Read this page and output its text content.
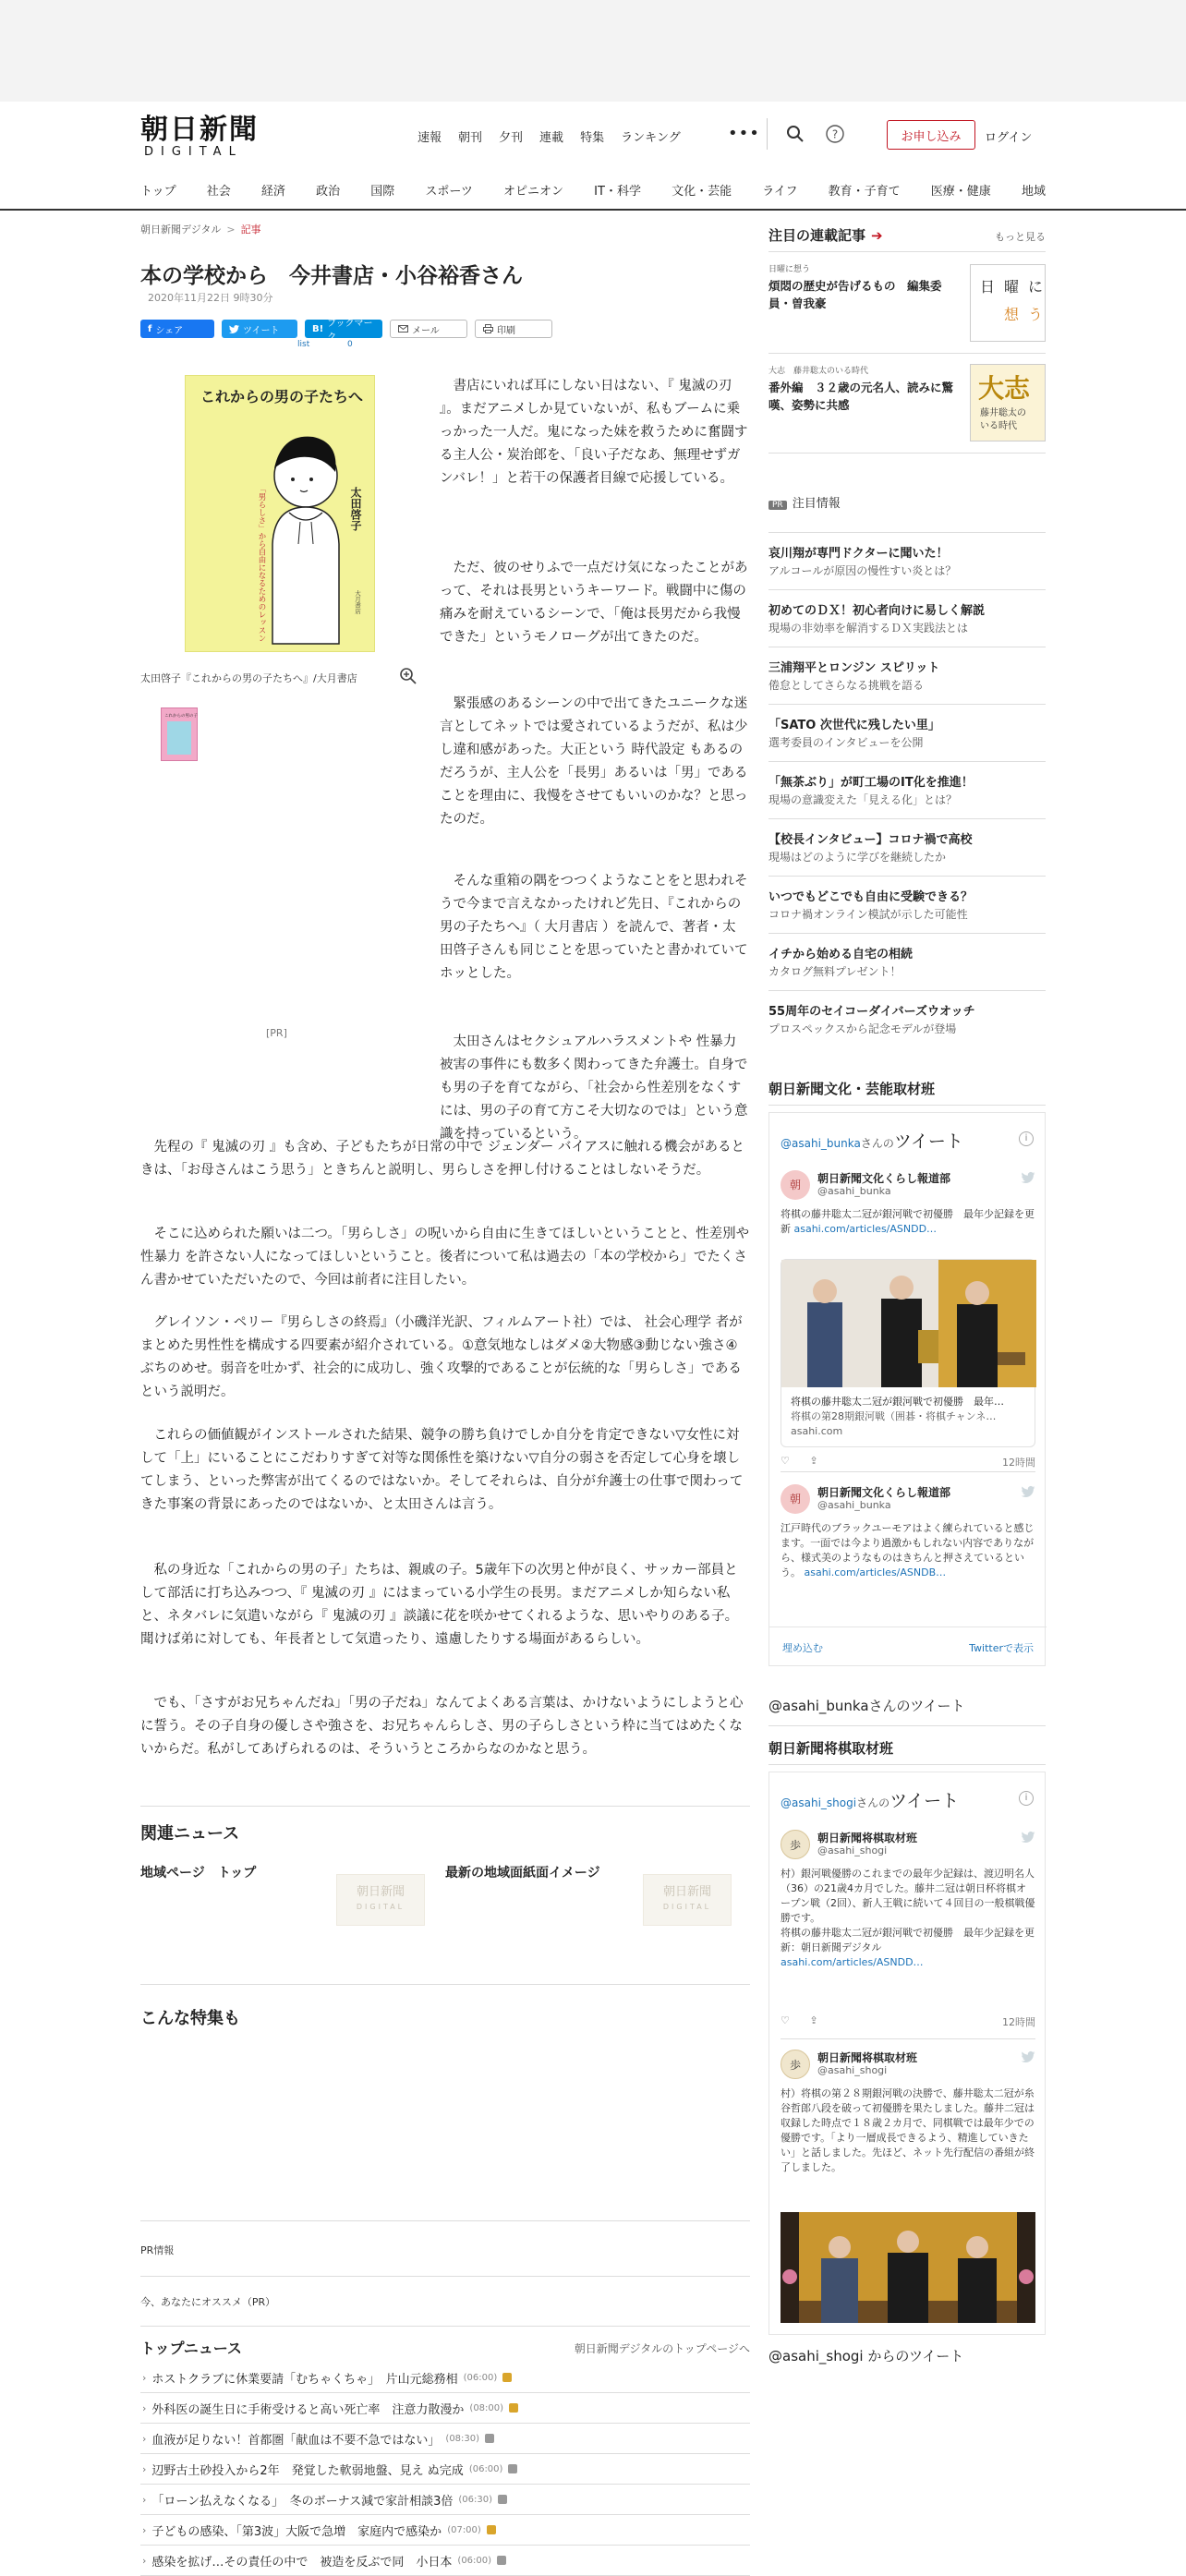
朝日新聞
DIGITAL
速報 朝刊 夕刊 連載 特集 ランキング	•••	?	お申し込み	ログイン
トップ	社会	経済	政治	国際	スポーツ	オピニオン	IT・科学	文化・芸能	ライフ	教育・子育て	医療・健康	地域
朝日新聞デジタル > 記事
本の学校から　今井書店・小谷裕香さん
2020年11月22日 9時30分
f シェア	ツイート	B! ブックマーク
メール	印刷
list	0
これからの男の子たちへ
太田啓子
「男らしさ」から自由になるためのレッスン	大月書店
太田啓子『これからの男の子たちへ』/大月書店
これからの男の子
[PR]

書店にいれば耳にしない日はない、『 鬼滅の刃 』。まだアニメしか見ていないが、私もブームに乗っかった一人だ。鬼になった妹を救うために奮闘する主人公・炭治郎を、「良い子だなあ、無理せずガンバレ！」と若干の保護者目線で応援している。

ただ、彼のせりふで一点だけ気になったことがあって、それは長男というキーワード。戦闘中に傷の痛みを耐えているシーンで、「俺は長男だから我慢できた」というモノローグが出てきたのだ。

緊張感のあるシーンの中で出てきたユニークな迷言としてネットでは愛されているようだが、私は少し違和感があった。大正という 時代設定 もあるのだろうが、主人公を「長男」あるいは「男」であることを理由に、我慢をさせてもいいのかな？と思ったのだ。

そんな重箱の隅をつつくようなことをと思われそうで今まで言えなかったけれど先日、『これからの男の子たちへ』（ 大月書店 ）を読んで、著者・太田啓子さんも同じことを思っていたと書かれていてホッとした。

太田さんはセクシュアルハラスメントや 性暴力 被害の事件にも数多く関わってきた弁護士。自身でも男の子を育てながら、「社会から性差別をなくすには、男の子の育て方こそ大切なのでは」という意識を持っているという。

先程の『 鬼滅の刃 』も含め、子どもたちが日常の中で ジェンダー バイアスに触れる機会があるときは、「お母さんはこう思う」ときちんと説明し、男らしさを押し付けることはしないそうだ。

そこに込められた願いは二つ。「男らしさ」の呪いから自由に生きてほしいということと、性差別や 性暴力 を許さない人になってほしいということ。後者について私は過去の「本の学校から」でたくさん書かせていただいたので、今回は前者に注目したい。

グレイソン・ペリー『男らしさの終焉』（小磯洋光訳、フィルムアート社）では、 社会心理学 者がまとめた男性性を構成する四要素が紹介されている。①意気地なしはダメ②大物感③動じない強さ④ぶちのめせ。弱音を吐かず、社会的に成功し、強く攻撃的であることが伝統的な「男らしさ」であるという説明だ。

これらの価値観がインストールされた結果、競争の勝ち負けでしか自分を肯定できない▽女性に対して「上」にいることにこだわりすぎて対等な関係性を築けない▽自分の弱さを否定して心身を壊してしまう、といった弊害が出てくるのではないか。そしてそれらは、自分が弁護士の仕事で関わってきた事案の背景にあったのではないか、と太田さんは言う。

私の身近な「これからの男の子」たちは、親戚の子。5歳年下の次男と仲が良く、サッカー部員として部活に打ち込みつつ、『 鬼滅の刃 』にはまっている小学生の長男。まだアニメしか知らない私と、ネタバレに気遣いながら『 鬼滅の刃 』談議に花を咲かせてくれるような、思いやりのある子。聞けば弟に対しても、年長者として気遣ったり、遠慮したりする場面があるらしい。

でも、「さすがお兄ちゃんだね」「男の子だね」なんてよくある言葉は、かけないようにしようと心に誓う。その子自身の優しさや強さを、お兄ちゃんらしさ、男の子らしさという枠に当てはめたくないからだ。私がしてあげられるのは、そういうところからなのかなと思う。

関連ニュース
地域ページ　トップ	最新の地域面紙面イメージ
朝日新聞
DIGITAL
朝日新聞
DIGITAL
こんな特集も
PR情報
今、あなたにオススメ（PR）
トップニュース	朝日新聞デジタルのトップページへ
› ホストクラブに休業要請「むちゃくちゃ」　片山元総務相 (06:00)
› 外科医の誕生日に手術受けると高い死亡率　注意力散漫か (08:00)
› 血液が足りない！首都圏「献血は不要不急ではない」 (08:30)
› 辺野古土砂投入から2年　発覚した軟弱地盤、見え ぬ完成 (06:00)
› 「ローン払えなくなる」　冬のボーナス減で家計相談3倍 (06:30)
› 子どもの感染、「第3波」大阪で急増　家庭内で感染か (07:00)
› 感染を拡げ…その責任の中で　被造を反ぶで同　小日本 (06:00)
注目の連載記事 ➔	もっと見る
日曜に想う
煩悶の歴史が告げるもの　編集委員・曽我豪
日 曜 に
想 う
大志　藤井聡太のいる時代
番外編　３２歳の元名人、読みに驚嘆、姿勢に共感
大志
藤井聡太の
いる時代
PR 注目情報
哀川翔が専門ドクターに聞いた！
アルコールが原因の慢性すい炎とは？
初めてのＤＸ！初心者向けに易しく解説
現場の非効率を解消するＤＸ実践法とは
三浦翔平とロンジン スピリット
倦怠としてさらなる挑戦を語る
「SATO 次世代に残したい里」
選考委員のインタビューを公開
「無茶ぶり」が町工場のIT化を推進！
現場の意識変えた「見える化」とは？
【校長インタビュー】コロナ禍で高校
現場はどのように学びを継続したか
いつでもどこでも自由に受験できる？
コロナ禍オンライン模試が示した可能性
イチから始める自宅の相続
カタログ無料プレゼント！
55周年のセイコーダイバーズウオッチ
プロスペックスから記念モデルが登場
朝日新聞文化・芸能取材班
@asahi_bunkaさんのツイート	i
朝	朝日新聞文化くらし報道部
@asahi_bunka
将棋の藤井聡太二冠が銀河戦で初優勝　最年少記録を更新 asahi.com/articles/ASNDD…
将棋の藤井聡太二冠が銀河戦で初優勝　最年…
将棋の第28期銀河戦（囲碁・将棋チャンネ…
asahi.com
♡ ⇪	12時間
朝	朝日新聞文化くらし報道部
@asahi_bunka
江戸時代のブラックユーモアはよく練られていると感じます。一面では今より過激かもしれない内容でありながら、様式美のようなものはきちんと押さえているという。 asahi.com/articles/ASNDB…
埋め込む	Twitterで表示
@asahi_bunkaさんのツイート
朝日新聞将棋取材班
@asahi_shogiさんのツイート	i
歩
朝日新聞将棋取材班
@asahi_shogi
村）銀河戦優勝のこれまでの最年少記録は、渡辺明名人（36）の21歳4カ月でした。藤井二冠は朝日杯将棋オープン戦（2回）、新人王戦に続いて４回目の一般棋戦優勝です。
将棋の藤井聡太二冠が銀河戦で初優勝　最年少記録を更新：朝日新聞デジタル
asahi.com/articles/ASNDD…
♡ ⇪	12時間
歩
朝日新聞将棋取材班
@asahi_shogi
村）将棋の第２８期銀河戦の決勝で、藤井聡太二冠が糸谷哲郎八段を破って初優勝を果たしました。藤井二冠は収録した時点で１８歳２カ月で、同棋戦では最年少での優勝です。「より一層成長できるよう、精進していきたい」と話しました。先ほど、ネット先行配信の番組が終了しました。
@asahi_shogi からのツイート
